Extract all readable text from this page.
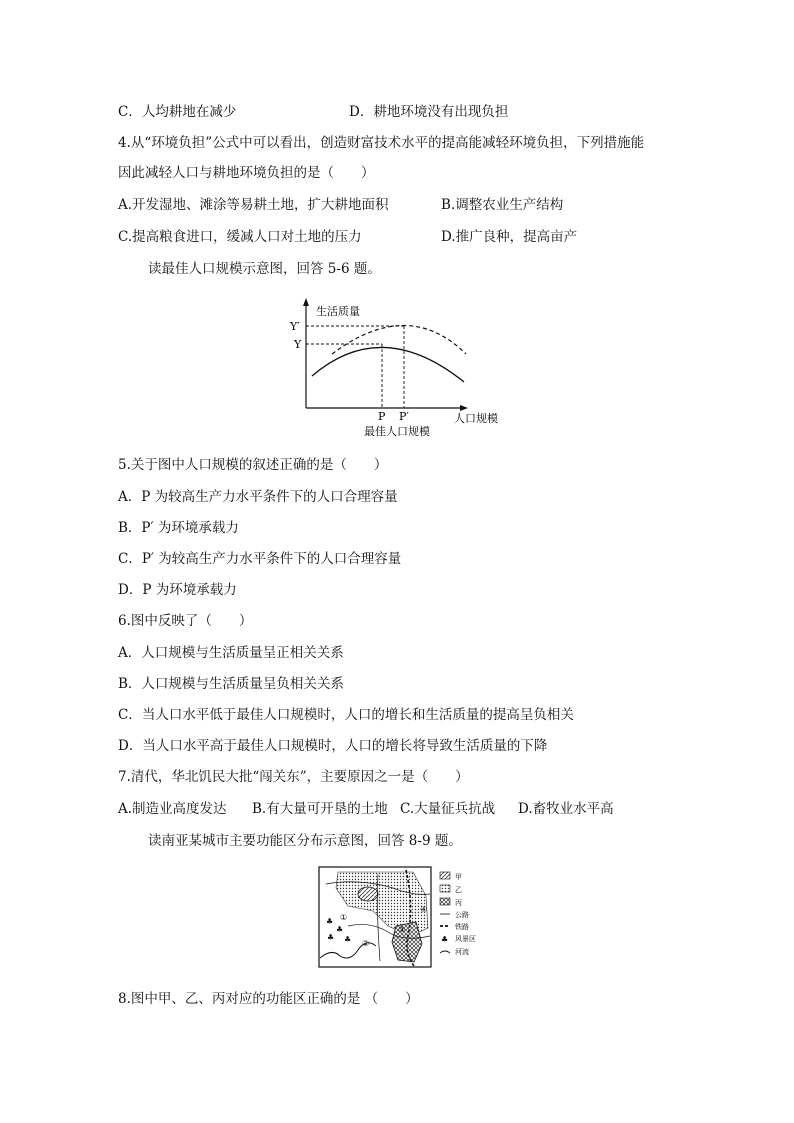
C．人均耕地在减少	D．耕地环境没有出现负担
4.从“环境负担”公式中可以看出，创造财富技术水平的提高能减轻环境负担，下列措施能
因此减轻人口与耕地环境负担的是（　　）
A.开发湿地、滩涂等易耕土地，扩大耕地面积	B.调整农业生产结构
C.提高粮食进口，缓减人口对土地的压力	D.推广良种，提高亩产
读最佳人口规模示意图，回答 5-6 题。
生活质量
Y′
Y
P P′	人口规模
最佳人口规模
5.关于图中人口规模的叙述正确的是（　　）
A．P 为较高生产力水平条件下的人口合理容量
B．P′ 为环境承载力
C．P′ 为较高生产力水平条件下的人口合理容量
D．P 为环境承载力
6.图中反映了（　　）
A．人口规模与生活质量呈正相关关系
B．人口规模与生活质量呈负相关关系
C．当人口水平低于最佳人口规模时，人口的增长和生活质量的提高呈负相关
D．当人口水平高于最佳人口规模时，人口的增长将导致生活质量的下降
7.清代，华北饥民大批“闯关东”，主要原因之一是（　　）
A.制造业高度发达 B.有大量可开垦的土地 C.大量征兵抗战 D.畜牧业水平高
读南亚某城市主要功能区分布示意图，回答 8-9 题。
♣
♣
♣ ♣
①
②
③
④
甲
乙
丙
公路
铁路
♣ 风景区
河流
8.图中甲、乙、丙对应的功能区正确的是 （　　）
